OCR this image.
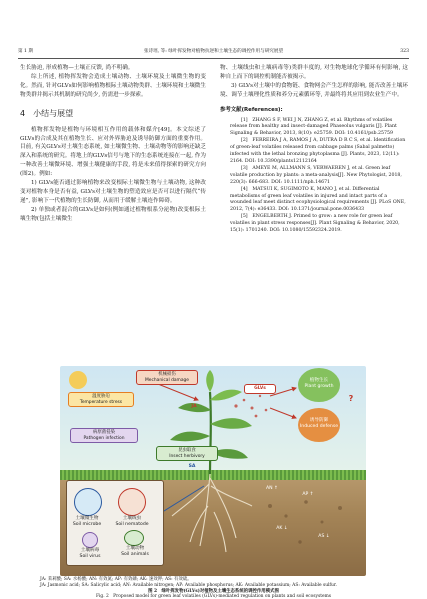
第 1 期	张诗瑶, 等: 绿叶挥发物对植物抗逆和土壤生态的调控作用与研究展望	323

生长胁迫, 形成植物—土壤正反馈, 尚不明确。

综上所述, 植物挥发物会造成土壤动物、土壤环境及土壤微生物的变化。然而, 针对GLVs如何影响植物根际土壤动物类群、土壤环境和土壤微生物类群并揭示其机制的研究尚少, 仍需进一步探索。

4　小结与展望

植物挥发物是植物与环境相互作用的载体和媒介[49]。本文综述了GLVs的合成及其在植物生长、应对外界胁迫及诱导防御方面的重要作用。目前, 有关GLVs对土壤生态系统, 如土壤微生物、土壤动物等的影响还缺乏深入和系统的研究。将地上的GLVs信号与地下的生态系统连接在一起, 作为一种改善土壤微环境、增强土壤健康的手段, 将是未来值得探索的研究方向(图2)。例如:

1) GLVs能否通过影响植物来改变根际土壤微生物与土壤动物, 这种改变对植物本身是否有益, GLVs对土壤生物的塑造效应是否可以进行隔代“传递”, 影响下一代植物的生长防御, 从而用于缓解土壤连作障碍。

2) 单独或者混合的GLVs是如何(例如通过植物根系分泌物)改变根际土壤生物(包括土壤微生

物、土壤线虫和土壤病毒等)类群丰度的, 对生物地球化学循环有何影响, 这种自上而下的调控机制能否被揭示。

3) GLVs对土壤中的食物链、食物网会产生怎样的影响, 能否改善土壤环境、调节土壤理化性质和养分元素循环等, 并最终将其应用到农业生产中。

参考文献(References):

[1]　ZHANG S F, WEI J N, ZHANG Z, et al. Rhythms of volatiles release from healthy and insect-damaged Phaseolus vulgaris [J]. Plant Signaling & Behavior, 2013, 8(10): e25759. DOI: 10.4161/psb.25759

[2]　FERREIRA J A, RAMOS J A, DUTRA D R C S, et al. Identification of green-leaf volatiles released from cabbage palms (Sabal palmetto) infected with the lethal bronzing phytoplasma [J]. Plants, 2023, 12(11): 2164. DOI: 10.3390/plants12112164

[3]　AMEYE M, ALLMANN S, VERWAEREN J, et al. Green leaf volatile production by plants: a meta-analysis[J]. New Phytologist, 2018, 220(3): 666-683. DOI: 10.1111/nph.14671

[4]　MATSUI K, SUGIMOTO K, MANO J, et al. Differential metabolisms of green leaf volatiles in injured and intact parts of a wounded leaf meet distinct ecophysiological requirements [J]. PLoS ONE, 2012, 7(4): e36433. DOI: 10.1371/journal.pone.0036433

[5]　ENGELBERTH J. Primed to grow: a new role for green leaf volatiles in plant stress responses[J]. Plant Signaling & Behavior, 2020, 15(1): 1701240. DOI: 10.1080/15592324.2019.

机械损伤
Mechanical damage
温度胁迫
Temperature stress
病原菌侵染
Pathogen infection
昆虫取食
Insect herbivory
JA
SA
GLVs
植物生长
Plant growth
诱导防御
Induced defense
?
土壤微生物
Soil microbe
土壤线虫
Soil nematode
土壤病毒
Soil virus
土壤动物
Soil animals
AN ↑
AP ↑
AK ↓
AS ↓
JA: 茉莉酸; SA: 水杨酸; AN: 有效氮; AP: 有效磷; AK: 速效钾; AS: 有效硫。
JA: Jasmonic acid; SA: Salicylic acid; AN: Available nitrogen; AP: Available phosphorus; AK: Available potassium; AS: Available sulfur.
图 2　绿叶挥发物(GLVs)对植物及土壤生态系统的调控作用模式图
Fig. 2　Proposed model for green leaf volatiles (GLVs)-mediated regulation on plants and soil ecosystems
